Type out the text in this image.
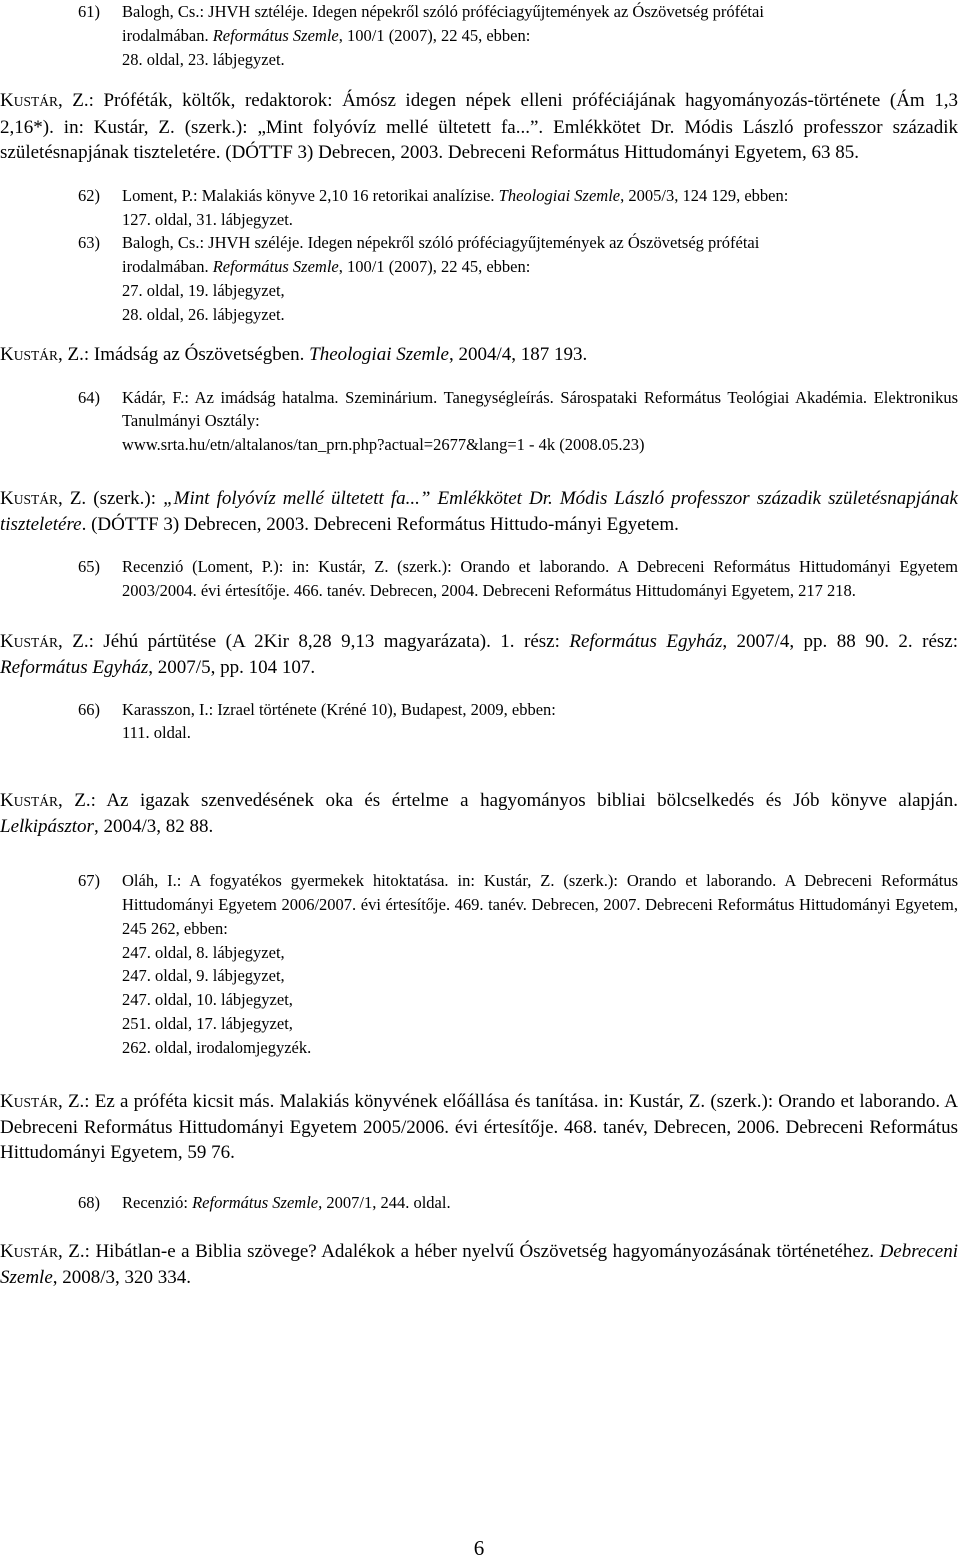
61) Balogh, Cs.: JHVH sztéléje. Idegen népekről szóló próféciagyűjtemények az Ószövetség prófétai
irodalmában. Református Szemle, 100/1 (2007), 22 45, ebben:

28. oldal, 23. lábjegyzet.

KUSTÁR, Z.: Próféták, költők, redaktorok: Ámósz idegen népek elleni próféciájának hagyományozás-története (Ám 1,3 2,16*). in: Kustár, Z. (szerk.): „Mint folyóvíz mellé ültetett fa...”. Emlékkötet Dr. Módis László professzor századik születésnapjának tiszteletére. (DÓTTF 3) Debrecen, 2003. Debreceni Református Hittudományi Egyetem, 63 85.

62) Loment, P.: Malakiás könyve 2,10 16 retorikai analízise. Theologiai Szemle, 2005/3, 124 129, ebben:

127. oldal, 31. lábjegyzet.

63) Balogh, Cs.: JHVH széléje. Idegen népekről szóló próféciagyűjtemények az Ószövetség prófétai
irodalmában. Református Szemle, 100/1 (2007), 22 45, ebben:

27. oldal, 19. lábjegyzet,

28. oldal, 26. lábjegyzet.

KUSTÁR, Z.: Imádság az Ószövetségben. Theologiai Szemle, 2004/4, 187 193.

64) Kádár, F.: Az imádság hatalma. Szeminárium. Tanegységleírás. Sárospataki Református Teológiai Akadémia. Elektronikus Tanulmányi Osztály:

www.srta.hu/etn/altalanos/tan_prn.php?actual=2677&lang=1 - 4k (2008.05.23)

KUSTÁR, Z. (szerk.): „Mint folyóvíz mellé ültetett fa...” Emlékkötet Dr. Módis László professzor századik születésnapjának tiszteletére. (DÓTTF 3) Debrecen, 2003. Debreceni Református Hittudo-mányi Egyetem.

65) Recenzió (Loment, P.): in: Kustár, Z. (szerk.): Orando et laborando. A Debreceni Református Hittudományi Egyetem 2003/2004. évi értesítője. 466. tanév. Debrecen, 2004. Debreceni Református Hittudományi Egyetem, 217 218.

KUSTÁR, Z.: Jéhú pártütése (A 2Kir 8,28 9,13 magyarázata). 1. rész: Református Egyház, 2007/4, pp. 88 90. 2. rész: Református Egyház, 2007/5, pp. 104 107.

66) Karasszon, I.: Izrael története (Kréné 10), Budapest, 2009, ebben:

111. oldal.

KUSTÁR, Z.: Az igazak szenvedésének oka és értelme a hagyományos bibliai bölcselkedés és Jób könyve alapján. Lelkipásztor, 2004/3, 82 88.

67) Oláh, I.: A fogyatékos gyermekek hitoktatása. in: Kustár, Z. (szerk.): Orando et laborando. A Debreceni Református Hittudományi Egyetem 2006/2007. évi értesítője. 469. tanév. Debrecen, 2007. Debreceni Református Hittudományi Egyetem, 245 262, ebben:

247. oldal, 8. lábjegyzet,

247. oldal, 9. lábjegyzet,

247. oldal, 10. lábjegyzet,

251. oldal, 17. lábjegyzet,

262. oldal, irodalomjegyzék.

KUSTÁR, Z.: Ez a próféta kicsit más. Malakiás könyvének előállása és tanítása. in: Kustár, Z. (szerk.): Orando et laborando. A Debreceni Református Hittudományi Egyetem 2005/2006. évi értesítője. 468. tanév, Debrecen, 2006. Debreceni Református Hittudományi Egyetem, 59 76.

68) Recenzió: Református Szemle, 2007/1, 244. oldal.

KUSTÁR, Z.: Hibátlan-e a Biblia szövege? Adalékok a héber nyelvű Ószövetség hagyományozásának történetéhez. Debreceni Szemle, 2008/3, 320 334.

6
